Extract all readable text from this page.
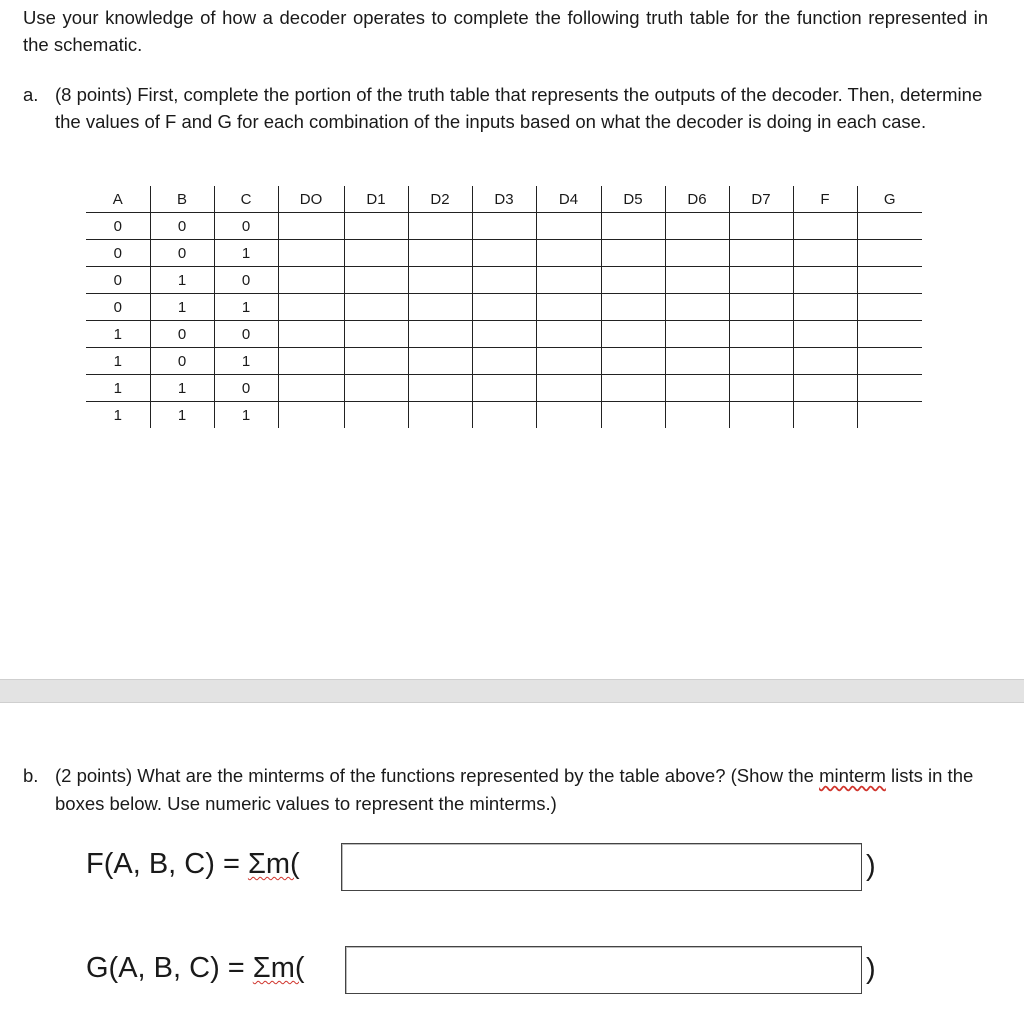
Use your knowledge of how a decoder operates to complete the following truth table for the function represented in the schematic.

a. (8 points) First, complete the portion of the truth table that represents the outputs of the decoder. Then, determine the values of F and G for each combination of the inputs based on what the decoder is doing in each case.
A	B	C	DO	D1	D2	D3	D4	D5	D6	D7	F	G
0	0	0										
0	0	1										
0	1	0										
0	1	1										
1	0	0										
1	0	1										
1	1	0										
1	1	1										
b. (2 points) What are the minterms of the functions represented by the table above? (Show the minterm lists in the boxes below. Use numeric values to represent the minterms.)
F(A, B, C) = Σm(	)
G(A, B, C) = Σm(	)
